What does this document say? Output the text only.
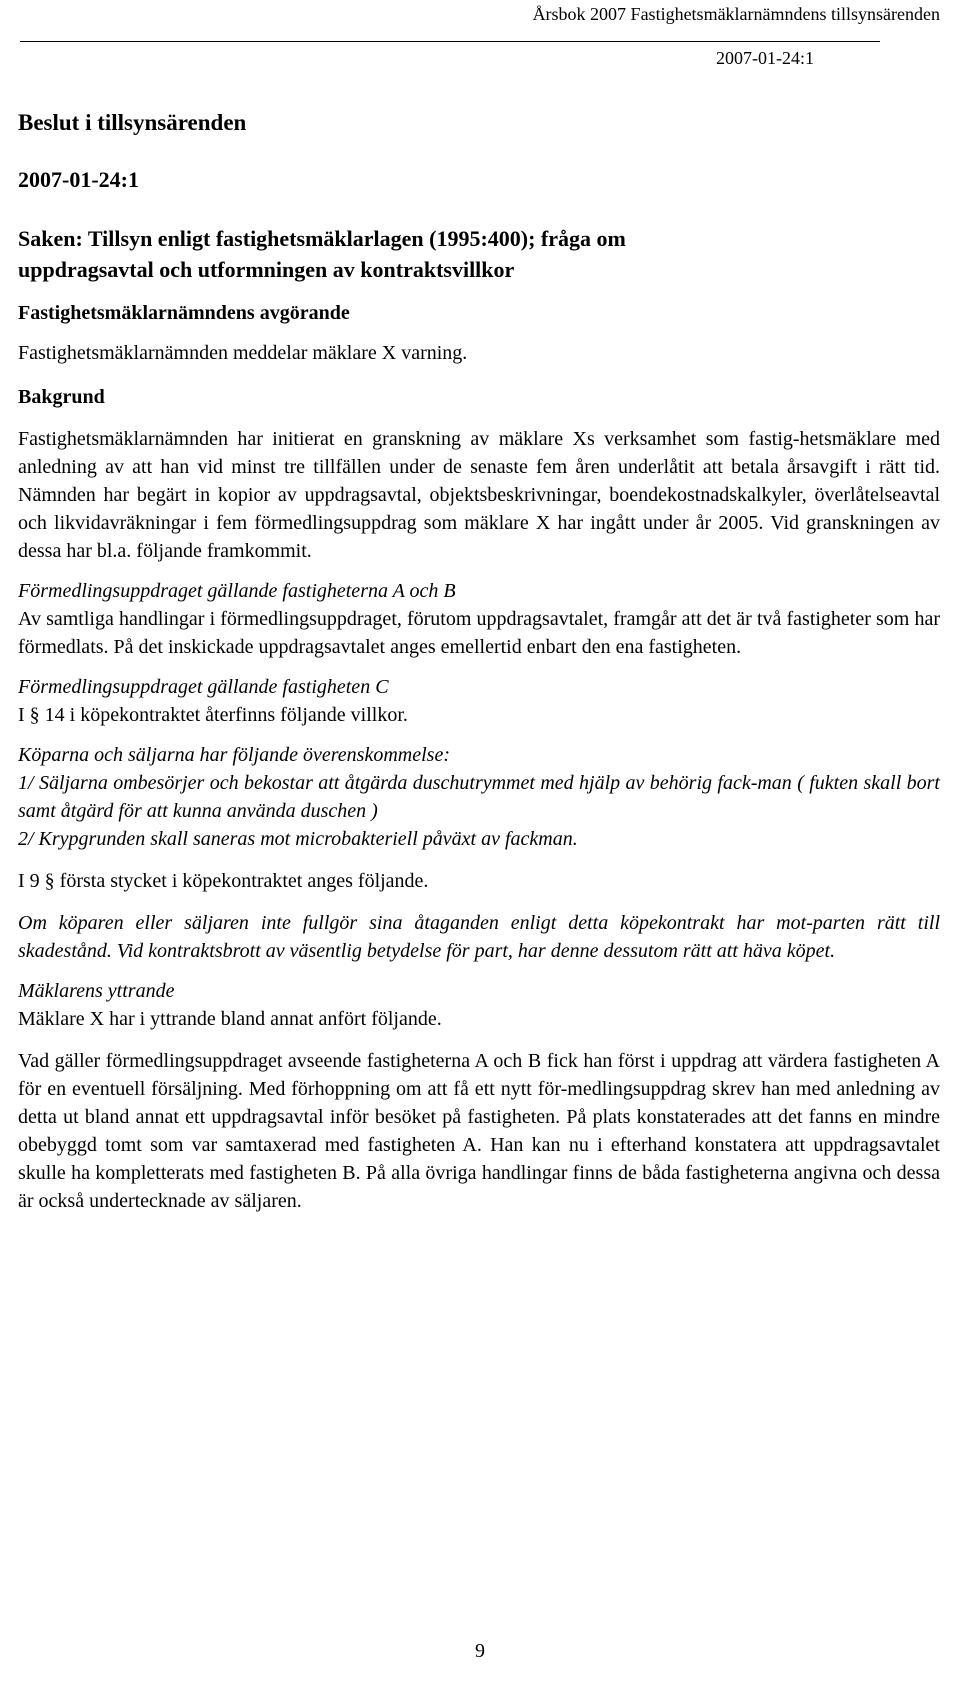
Årsbok 2007 Fastighetsmäklarnämndens tillsynsärenden
2007-01-24:1
Beslut i tillsynsärenden
2007-01-24:1
Saken: Tillsyn enligt fastighetsmäklarlagen (1995:400); fråga om
uppdragsavtal och utformningen av kontraktsvillkor
Fastighetsmäklarnämndens avgörande

Fastighetsmäklarnämnden meddelar mäklare X varning.

Bakgrund

Fastighetsmäklarnämnden har initierat en granskning av mäklare Xs verksamhet som fastig-hetsmäklare med anledning av att han vid minst tre tillfällen under de senaste fem åren underlåtit att betala årsavgift i rätt tid. Nämnden har begärt in kopior av uppdragsavtal, objektsbeskrivningar, boendekostnadskalkyler, överlåtelseavtal och likvidavräkningar i fem förmedlingsuppdrag som mäklare X har ingått under år 2005. Vid granskningen av dessa har bl.a. följande framkommit.

Förmedlingsuppdraget gällande fastigheterna A och B

Av samtliga handlingar i förmedlingsuppdraget, förutom uppdragsavtalet, framgår att det är två fastigheter som har förmedlats. På det inskickade uppdragsavtalet anges emellertid enbart den ena fastigheten.

Förmedlingsuppdraget gällande fastigheten C

I § 14 i köpekontraktet återfinns följande villkor.

Köparna och säljarna har följande överenskommelse:

1/ Säljarna ombesörjer och bekostar att åtgärda duschutrymmet med hjälp av behörig fack-man ( fukten skall bort samt åtgärd för att kunna använda duschen )

2/ Krypgrunden skall saneras mot microbakteriell påväxt av fackman.

I 9 § första stycket i köpekontraktet anges följande.

Om köparen eller säljaren inte fullgör sina åtaganden enligt detta köpekontrakt har mot-parten rätt till skadestånd. Vid kontraktsbrott av väsentlig betydelse för part, har denne dessutom rätt att häva köpet.

Mäklarens yttrande

Mäklare X har i yttrande bland annat anfört följande.

Vad gäller förmedlingsuppdraget avseende fastigheterna A och B fick han först i uppdrag att värdera fastigheten A för en eventuell försäljning. Med förhoppning om att få ett nytt för-medlingsuppdrag skrev han med anledning av detta ut bland annat ett uppdragsavtal inför besöket på fastigheten. På plats konstaterades att det fanns en mindre obebyggd tomt som var samtaxerad med fastigheten A. Han kan nu i efterhand konstatera att uppdragsavtalet skulle ha kompletterats med fastigheten B. På alla övriga handlingar finns de båda fastigheterna angivna och dessa är också undertecknade av säljaren.

9
